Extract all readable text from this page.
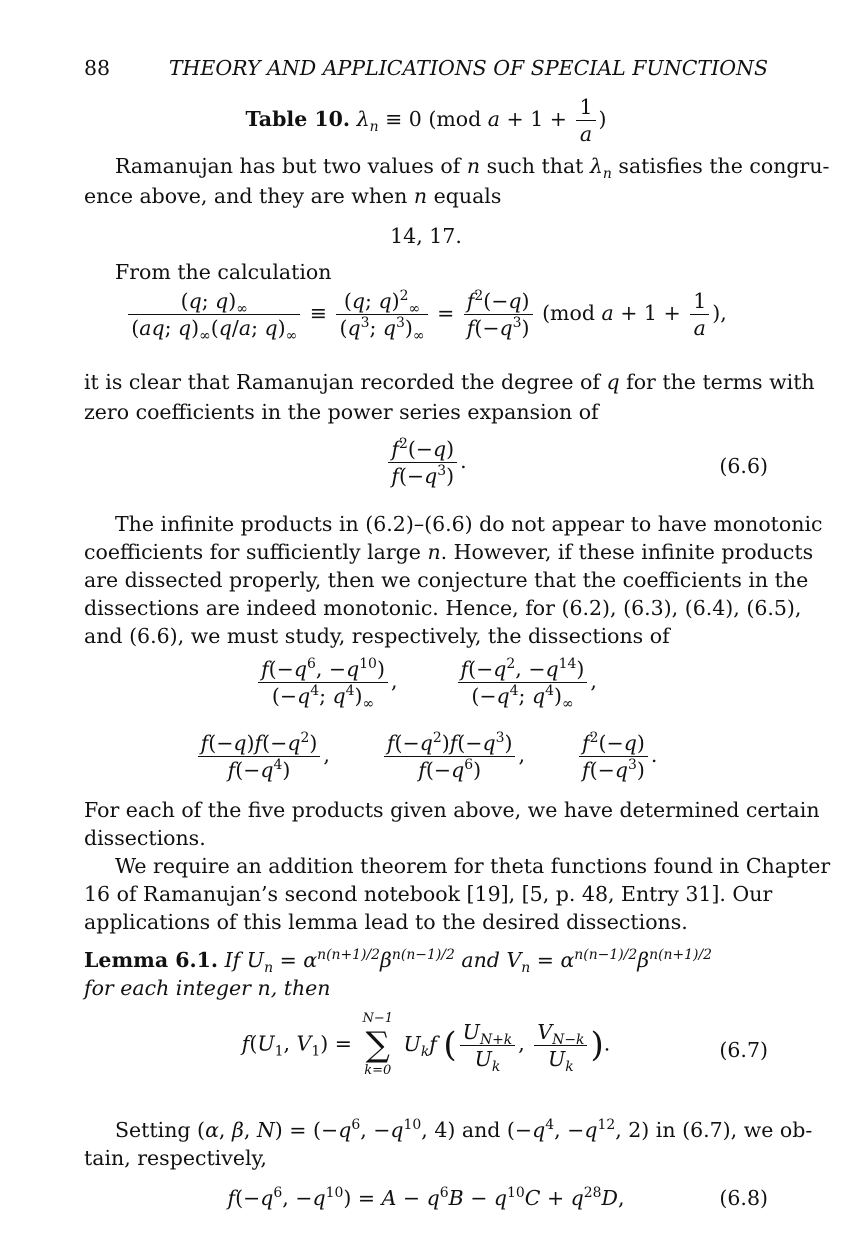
88	THEORY AND APPLICATIONS OF SPECIAL FUNCTIONS
Table 10. $\lambda_n \equiv 0$ (mod $a + 1 + \frac{1}{a}$ )
Ramanujan has but two values of n such that $\lambda_n$ satisfies the congru-
ence above, and they are when n equals
14, 17.
From the calculation
$\frac{(q; q)_\infty}{(aq; q)_\infty(q/a; q)_\infty} \equiv \frac{(q; q)^2_\infty}{(q^3; q^3)_\infty} = \frac{f^2(-q)}{f(-q^3)} (mod$ $a + 1 + \frac{1}{a}$ ),
it is clear that Ramanujan recorded the degree of q for the terms with
zero coefficients in the power series expansion of
$\frac{f^2(-q)}{f(-q^3)}$ .	(6.6)
The infinite products in (6.2)–(6.6) do not appear to have monotonic
coefficients for sufficiently large n. However, if these infinite products
are dissected properly, then we conjecture that the coefficients in the
dissections are indeed monotonic. Hence, for (6.2), (6.3), (6.4), (6.5),
and (6.6), we must study, respectively, the dissections of
$\frac{f(-q^6, -q^{10})}{(-q^4; q^4)_\infty}$ ,	$\frac{f(-q^2, -q^{14})}{(-q^4; q^4)_\infty}$ ,
$\frac{f(-q)f(-q^2)}{f(-q^4)}$ , $\frac{f(-q^2)f(-q^3)}{f(-q^6)}$ , $\frac{f^2(-q)}{f(-q^3)}$ .
For each of the five products given above, we have determined certain
dissections.
We require an addition theorem for theta functions found in Chapter
16 of Ramanujan’s second notebook [19], [5, p. 48, Entry 31]. Our
applications of this lemma lead to the desired dissections.
Lemma 6.1. If $U_n = \alpha^{n(n+1)/2}\beta^{n(n-1)/2}$ and $V_n = \alpha^{n(n-1)/2}\beta^{n(n+1)/2}$
for each integer n, then
$f(U_1$, $V_1$) =
N−1
∑
k=0
$U_kf$ ( $\frac{U_{N+k}}{U_k}$ , $\frac{V_{N-k}}{U_k}$ ).	(6.7)
Setting (α, β, $N) = (-q^6$, $-q^{10}$, 4) and ($-q^4$, $-q^{12}$, 2) in (6.7), we ob-
tain, respectively,
$f(-q^6$, $-q^{10}) = A - q^6B - q^{10}C + q^{28}D$,	(6.8)
